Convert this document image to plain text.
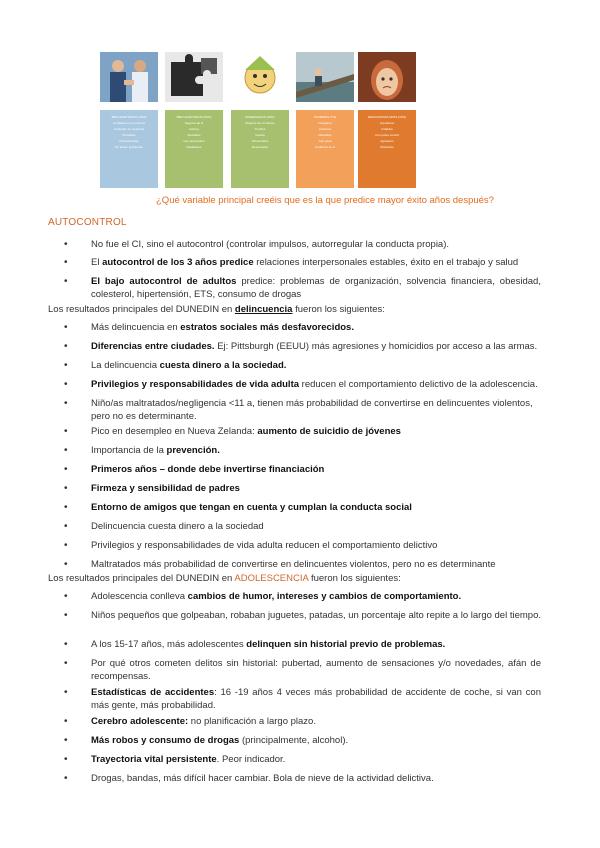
BIEN ADAPTADOS (59%)
Confianza en sí mismos
Controlan su conducta
Sociables
Perseverantes
No tienen problemas
BIEN ADAPTADOS (40%)
Seguros de sí
Activos
Sociables
Con autocontrol
Resilientes
RESERVADOS (15%)
Seguros de sí mismos
Tímidos
Cautos
Introvertidos
Reservados
INHIBIDOS (7%)
Inseguros
Ansiosos
Retraídos
Con poca
confianza en sí
DESCONTROLADOS (10%)
Impulsivos
Irritables
Con pobre control
Agresivos
Distraídos
¿Qué variable principal creéis que es la que predice mayor éxito años después?
AUTOCONTROL
• No fue el CI, sino el autocontrol (controlar impulsos, autorregular la conducta propia).
• El autocontrol de los 3 años predice relaciones interpersonales estables, éxito en el trabajo y salud
• El bajo autocontrol de adultos predice: problemas de organización, solvencia financiera, obesidad, colesterol, hipertensión, ETS, consumo de drogas
Los resultados principales del DUNEDIN en delincuencia fueron los siguientes:
• Más delincuencia en estratos sociales más desfavorecidos.
• Diferencias entre ciudades. Ej: Pittsburgh (EEUU) más agresiones y homicidios por acceso a las armas.
• La delincuencia cuesta dinero a la sociedad.
• Privilegios y responsabilidades de vida adulta reducen el comportamiento delictivo de la adolescencia.
• Niño/as maltratados/negligencia <11 a, tienen más probabilidad de convertirse en delincuentes violentos, pero no es determinante.
• Pico en desempleo en Nueva Zelanda: aumento de suicidio de jóvenes
• Importancia de la prevención.
• Primeros años – donde debe invertirse financiación
• Firmeza y sensibilidad de padres
• Entorno de amigos que tengan en cuenta y cumplan la conducta social
• Delincuencia cuesta dinero a la sociedad
• Privilegios y responsabilidades de vida adulta reducen el comportamiento delictivo
• Maltratados más probabilidad de convertirse en delincuentes violentos, pero no es determinante
Los resultados principales del DUNEDIN en ADOLESCENCIA fueron los siguientes:
• Adolescencia conlleva cambios de humor, intereses y cambios de comportamiento.
• Niños pequeños que golpeaban, robaban juguetes, patadas, un porcentaje alto repite a lo largo del tiempo.
• A los 15-17 años, más adolescentes delinquen sin historial previo de problemas.
• Por qué otros cometen delitos sin historial: pubertad, aumento de sensaciones y/o novedades, afán de recompensas.
• Estadísticas de accidentes: 16 -19 años 4 veces más probabilidad de accidente de coche, si van con más gente, más probabilidad.
• Cerebro adolescente: no planificación a largo plazo.
• Más robos y consumo de drogas (principalmente, alcohol).
• Trayectoria vital persistente. Peor indicador.
• Drogas, bandas, más difícil hacer cambiar. Bola de nieve de la actividad delictiva.
